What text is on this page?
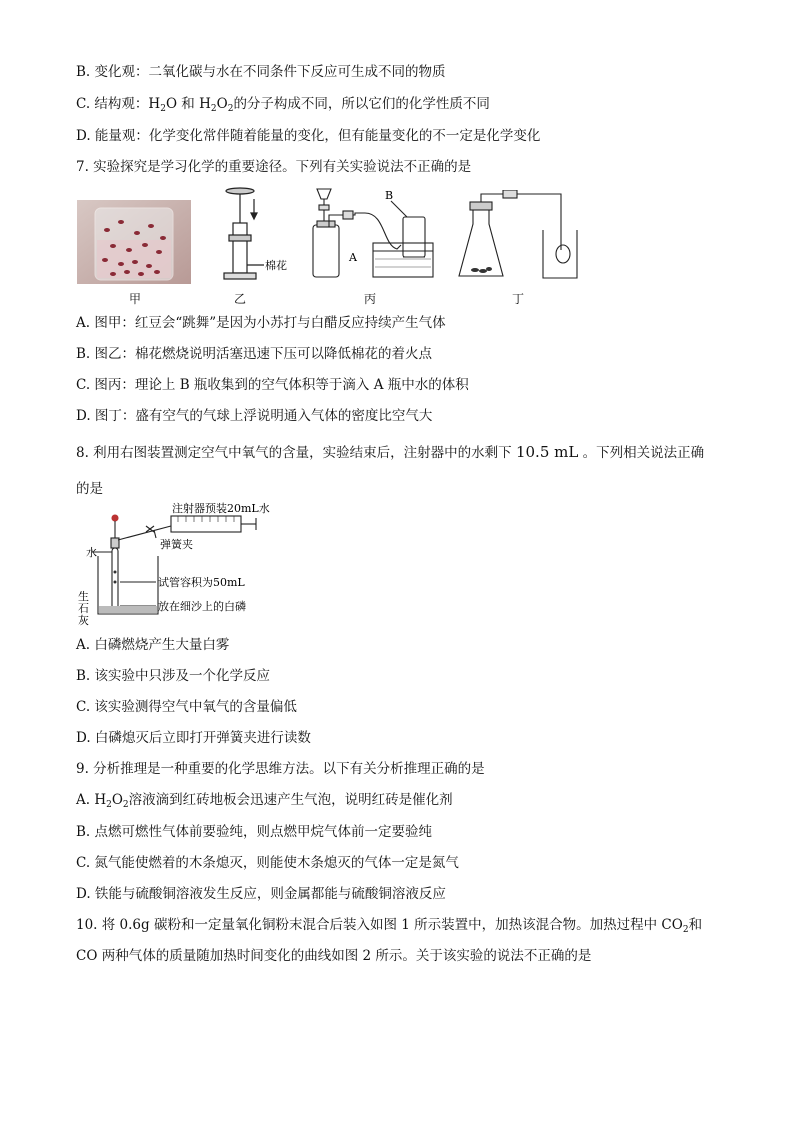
B. 变化观：二氧化碳与水在不同条件下反应可生成不同的物质
C. 结构观：$H_2O$ 和 $H_2O_2$的分子构成不同，所以它们的化学性质不同
D. 能量观：化学变化常伴随着能量的变化，但有能量变化的不一定是化学变化
7. 实验探究是学习化学的重要途径。下列有关实验说法不正确的是
甲
棉花
乙
A
B
丙	丁
A. 图甲：红豆会“跳舞”是因为小苏打与白醋反应持续产生气体
B. 图乙：棉花燃烧说明活塞迅速下压可以降低棉花的着火点
C. 图丙：理论上 B 瓶收集到的空气体积等于滴入 A 瓶中水的体积
D. 图丁：盛有空气的气球上浮说明通入气体的密度比空气大
8. 利用右图装置测定空气中氧气的含量，实验结束后，注射器中的水剩下 10.5 mL 。下列相关说法正确
的是
注射器预装20mL水
水
弹簧夹
试管容积为50mL
放在细沙上的白磷
生
石
灰
A. 白磷燃烧产生大量白雾
B. 该实验中只涉及一个化学反应
C. 该实验测得空气中氧气的含量偏低
D. 白磷熄灭后立即打开弹簧夹进行读数
9. 分析推理是一种重要的化学思维方法。以下有关分析推理正确的是
A. $H_2O_2$溶液滴到红砖地板会迅速产生气泡，说明红砖是催化剂
B. 点燃可燃性气体前要验纯，则点燃甲烷气体前一定要验纯
C. 氮气能使燃着的木条熄灭，则能使木条熄灭的气体一定是氮气
D. 铁能与硫酸铜溶液发生反应，则金属都能与硫酸铜溶液反应
10. 将 0.6g 碳粉和一定量氧化铜粉末混合后装入如图 1 所示装置中，加热该混合物。加热过程中 $CO_2$和
CO 两种气体的质量随加热时间变化的曲线如图 2 所示。关于该实验的说法不正确的是
